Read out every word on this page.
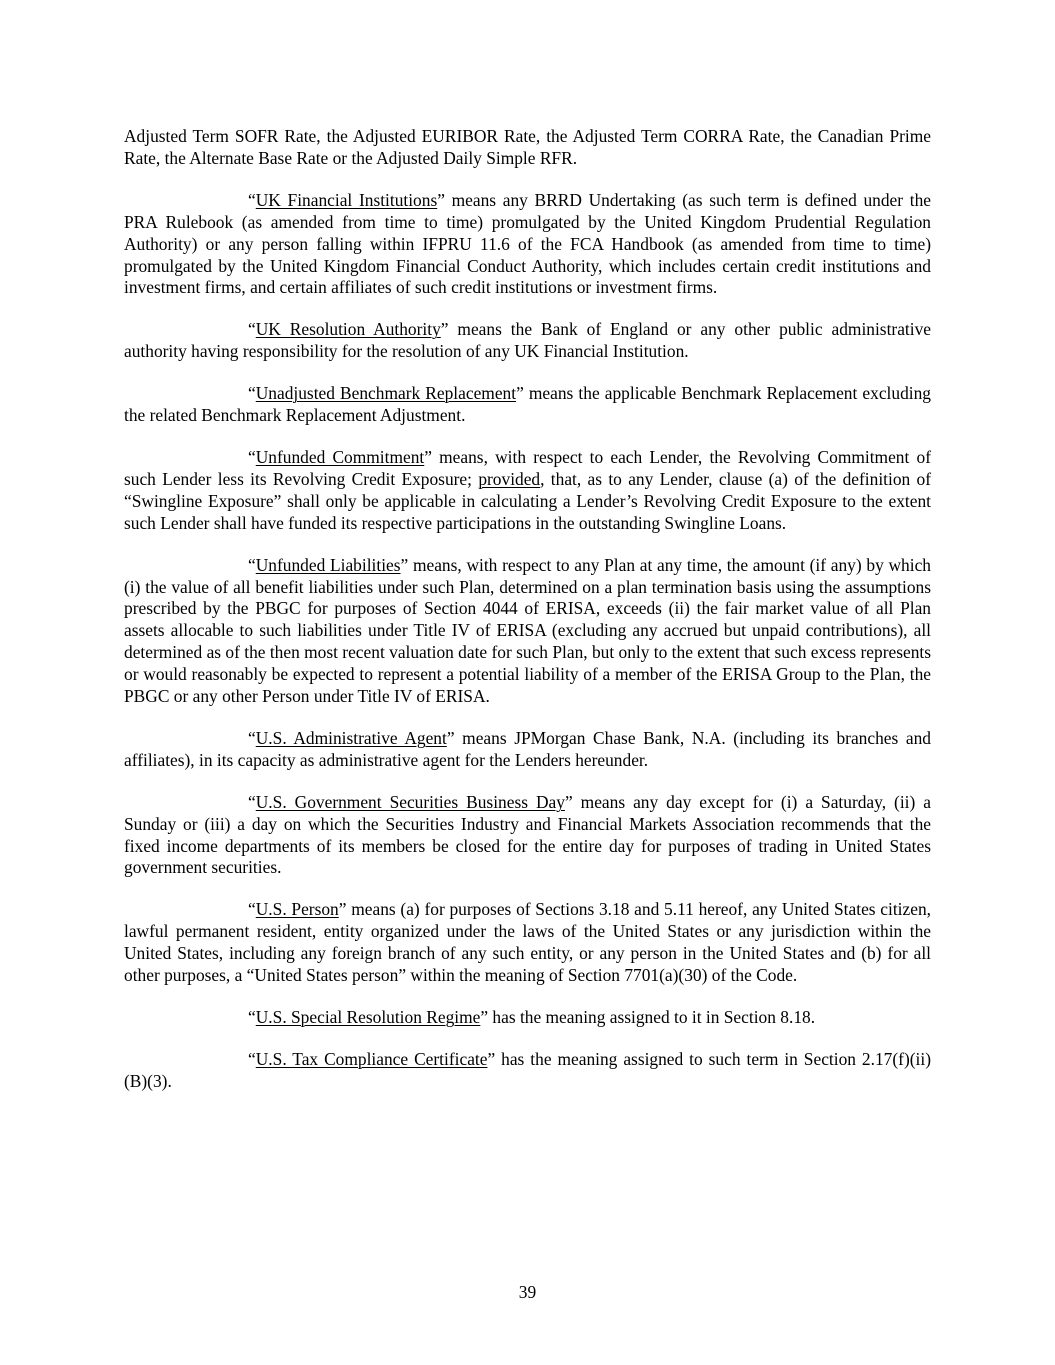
Adjusted Term SOFR Rate, the Adjusted EURIBOR Rate, the Adjusted Term CORRA Rate, the Canadian Prime Rate, the Alternate Base Rate or the Adjusted Daily Simple RFR.

“UK Financial Institutions” means any BRRD Undertaking (as such term is defined under the PRA Rulebook (as amended from time to time) promulgated by the United Kingdom Prudential Regulation Authority) or any person falling within IFPRU 11.6 of the FCA Handbook (as amended from time to time) promulgated by the United Kingdom Financial Conduct Authority, which includes certain credit institutions and investment firms, and certain affiliates of such credit institutions or investment firms.

“UK Resolution Authority” means the Bank of England or any other public administrative authority having responsibility for the resolution of any UK Financial Institution.

“Unadjusted Benchmark Replacement” means the applicable Benchmark Replacement excluding the related Benchmark Replacement Adjustment.

“Unfunded Commitment” means, with respect to each Lender, the Revolving Commitment of such Lender less its Revolving Credit Exposure; provided, that, as to any Lender, clause (a) of the definition of “Swingline Exposure” shall only be applicable in calculating a Lender’s Revolving Credit Exposure to the extent such Lender shall have funded its respective participations in the outstanding Swingline Loans.

“Unfunded Liabilities” means, with respect to any Plan at any time, the amount (if any) by which (i) the value of all benefit liabilities under such Plan, determined on a plan termination basis using the assumptions prescribed by the PBGC for purposes of Section 4044 of ERISA, exceeds (ii) the fair market value of all Plan assets allocable to such liabilities under Title IV of ERISA (excluding any accrued but unpaid contributions), all determined as of the then most recent valuation date for such Plan, but only to the extent that such excess represents or would reasonably be expected to represent a potential liability of a member of the ERISA Group to the Plan, the PBGC or any other Person under Title IV of ERISA.

“U.S. Administrative Agent” means JPMorgan Chase Bank, N.A. (including its branches and affiliates), in its capacity as administrative agent for the Lenders hereunder.

“U.S. Government Securities Business Day” means any day except for (i) a Saturday, (ii) a Sunday or (iii) a day on which the Securities Industry and Financial Markets Association recommends that the fixed income departments of its members be closed for the entire day for purposes of trading in United States government securities.

“U.S. Person” means (a) for purposes of Sections 3.18 and 5.11 hereof, any United States citizen, lawful permanent resident, entity organized under the laws of the United States or any jurisdiction within the United States, including any foreign branch of any such entity, or any person in the United States and (b) for all other purposes, a “United States person” within the meaning of Section 7701(a)(30) of the Code.

“U.S. Special Resolution Regime” has the meaning assigned to it in Section 8.18.

“U.S. Tax Compliance Certificate” has the meaning assigned to such term in Section 2.17(f)(ii)(B)(3).

39
